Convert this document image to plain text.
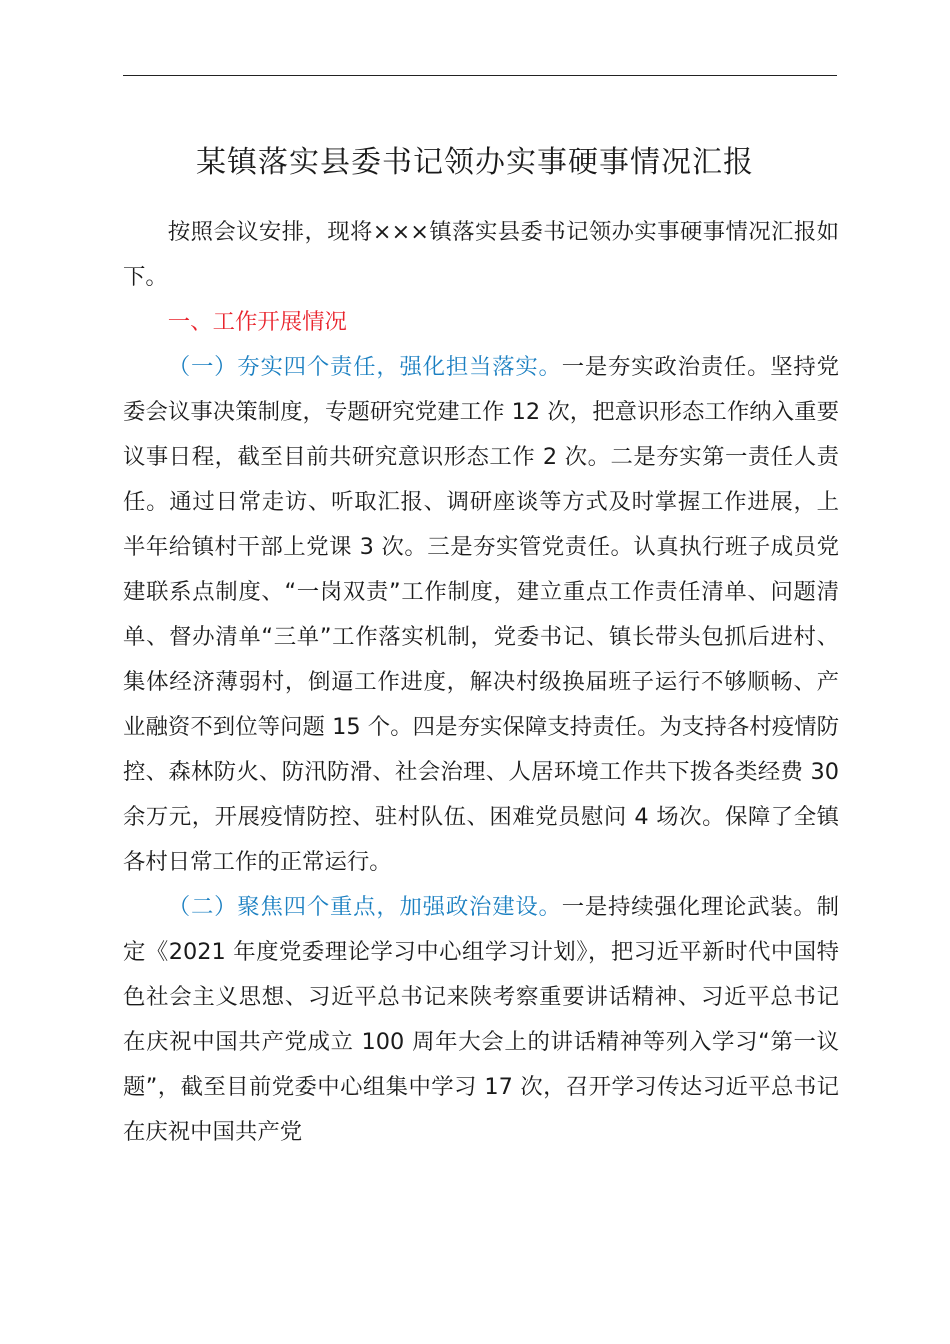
某镇落实县委书记领办实事硬事情况汇报

按照会议安排，现将×××镇落实县委书记领办实事硬事情况汇报如下。

一、工作开展情况

（一）夯实四个责任，强化担当落实。一是夯实政治责任。坚持党委会议事决策制度，专题研究党建工作 12 次，把意识形态工作纳入重要议事日程，截至目前共研究意识形态工作 2 次。二是夯实第一责任人责任。通过日常走访、听取汇报、调研座谈等方式及时掌握工作进展，上半年给镇村干部上党课 3 次。三是夯实管党责任。认真执行班子成员党建联系点制度、“一岗双责”工作制度，建立重点工作责任清单、问题清单、督办清单“三单”工作落实机制，党委书记、镇长带头包抓后进村、集体经济薄弱村，倒逼工作进度，解决村级换届班子运行不够顺畅、产业融资不到位等问题 15 个。四是夯实保障支持责任。为支持各村疫情防控、森林防火、防汛防滑、社会治理、人居环境工作共下拨各类经费 30 余万元，开展疫情防控、驻村队伍、困难党员慰问 4 场次。保障了全镇各村日常工作的正常运行。

（二）聚焦四个重点，加强政治建设。一是持续强化理论武装。制定《2021 年度党委理论学习中心组学习计划》，把习近平新时代中国特色社会主义思想、习近平总书记来陕考察重要讲话精神、习近平总书记在庆祝中国共产党成立 100 周年大会上的讲话精神等列入学习“第一议题”，截至目前党委中心组集中学习 17 次，召开学习传达习近平总书记在庆祝中国共产党
